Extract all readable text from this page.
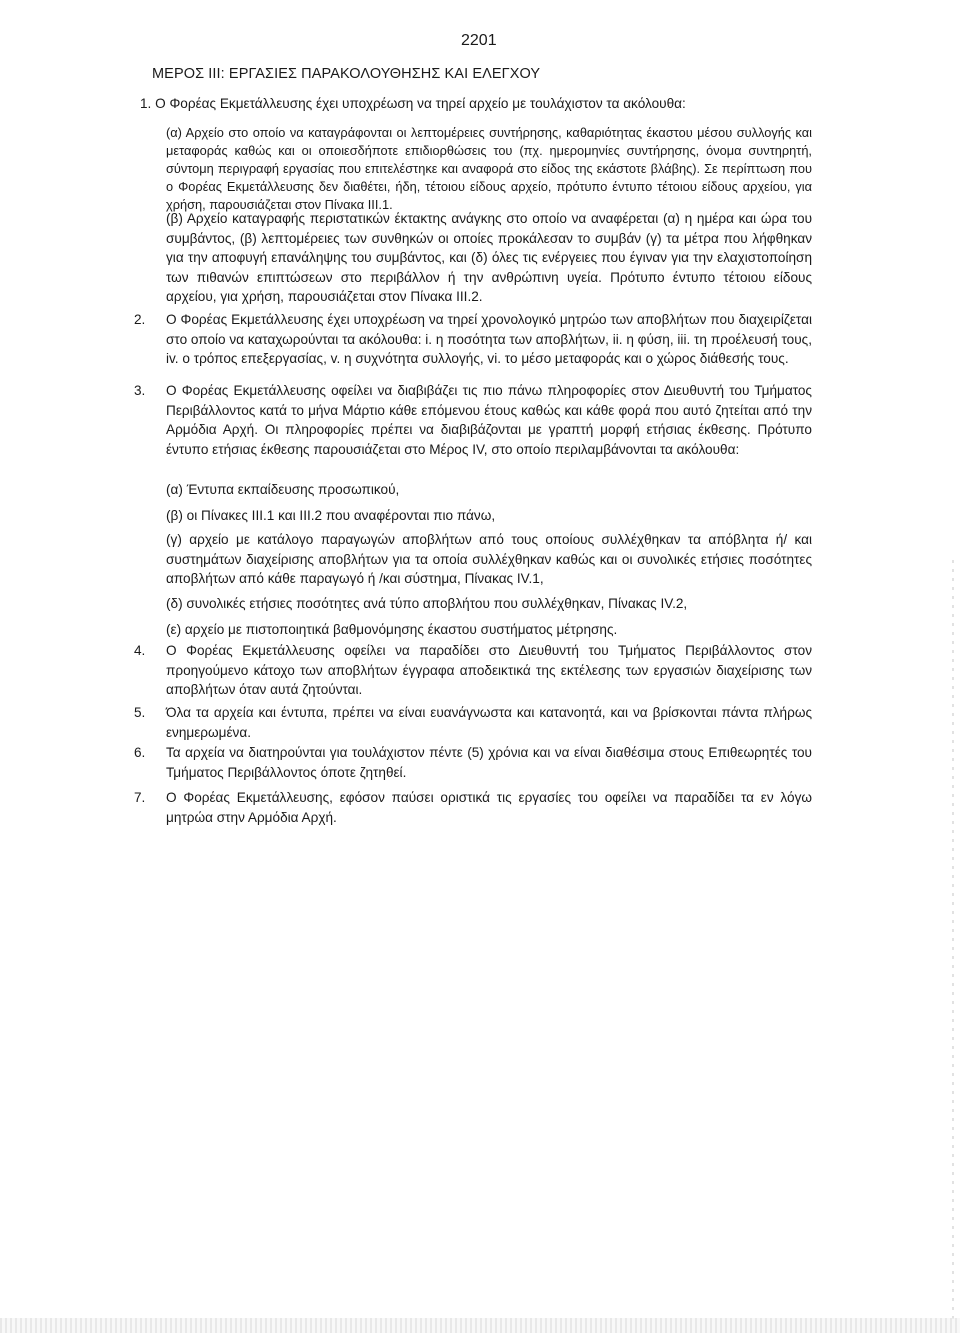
2201
ΜΕΡΟΣ III: ΕΡΓΑΣΙΕΣ ΠΑΡΑΚΟΛΟΥΘΗΣΗΣ ΚΑΙ ΕΛΕΓΧΟΥ
1. Ο Φορέας Εκμετάλλευσης έχει υποχρέωση να τηρεί αρχείο με τουλάχιστον τα ακόλουθα:
(α) Αρχείο στο οποίο να καταγράφονται οι λεπτομέρειες συντήρησης, καθαριότητας έκαστου μέσου συλλογής και μεταφοράς καθώς και οι οποιεσδήποτε επιδιορθώσεις του (πχ. ημερομηνίες συντήρησης, όνομα συντηρητή, σύντομη περιγραφή εργασίας που επιτελέστηκε και αναφορά στο είδος της εκάστοτε βλάβης). Σε περίπτωση που ο Φορέας Εκμετάλλευσης δεν διαθέτει, ήδη, τέτοιου είδους αρχείο, πρότυπο έντυπο τέτοιου είδους αρχείου, για χρήση, παρουσιάζεται στον Πίνακα III.1.
(β) Αρχείο καταγραφής περιστατικών έκτακτης ανάγκης στο οποίο να αναφέρεται (α) η ημέρα και ώρα του συμβάντος, (β) λεπτομέρειες των συνθηκών οι οποίες προκάλεσαν το συμβάν (γ) τα μέτρα που λήφθηκαν για την αποφυγή επανάληψης του συμβάντος, και (δ) όλες τις ενέργειες που έγιναν για την ελαχιστοποίηση των πιθανών επιπτώσεων στο περιβάλλον ή την ανθρώπινη υγεία. Πρότυπο έντυπο τέτοιου είδους αρχείου, για χρήση, παρουσιάζεται στον Πίνακα III.2.
2. Ο Φορέας Εκμετάλλευσης έχει υποχρέωση να τηρεί χρονολογικό μητρώο των αποβλήτων που διαχειρίζεται στο οποίο να καταχωρούνται τα ακόλουθα: i. η ποσότητα των αποβλήτων, ii. η φύση, iii. τη προέλευσή τους, iv. ο τρόπος επεξεργασίας, v. η συχνότητα συλλογής, vi. το μέσο μεταφοράς και ο χώρος διάθεσής τους.
3. Ο Φορέας Εκμετάλλευσης οφείλει να διαβιβάζει τις πιο πάνω πληροφορίες στον Διευθυντή του Τμήματος Περιβάλλοντος κατά το μήνα Μάρτιο κάθε επόμενου έτους καθώς και κάθε φορά που αυτό ζητείται από την Αρμόδια Αρχή. Οι πληροφορίες πρέπει να διαβιβάζονται με γραπτή μορφή ετήσιας έκθεσης. Πρότυπο έντυπο ετήσιας έκθεσης παρουσιάζεται στο Μέρος IV, στο οποίο περιλαμβάνονται τα ακόλουθα:
(α) Έντυπα εκπαίδευσης προσωπικού,
(β) οι Πίνακες III.1 και III.2 που αναφέρονται πιο πάνω,
(γ) αρχείο με κατάλογο παραγωγών αποβλήτων από τους οποίους συλλέχθηκαν τα απόβλητα ή/ και συστημάτων διαχείρισης αποβλήτων για τα οποία συλλέχθηκαν καθώς και οι συνολικές ετήσιες ποσότητες αποβλήτων από κάθε παραγωγό ή /και σύστημα, Πίνακας IV.1,
(δ) συνολικές ετήσιες ποσότητες ανά τύπο αποβλήτου που συλλέχθηκαν, Πίνακας IV.2,
(ε) αρχείο με πιστοποιητικά βαθμονόμησης έκαστου συστήματος μέτρησης.
4. Ο Φορέας Εκμετάλλευσης οφείλει να παραδίδει στο Διευθυντή του Τμήματος Περιβάλλοντος στον προηγούμενο κάτοχο των αποβλήτων έγγραφα αποδεικτικά της εκτέλεσης των εργασιών διαχείρισης των αποβλήτων όταν αυτά ζητούνται.
5. Όλα τα αρχεία και έντυπα, πρέπει να είναι ευανάγνωστα και κατανοητά, και να βρίσκονται πάντα πλήρως ενημερωμένα.
6. Τα αρχεία να διατηρούνται για τουλάχιστον πέντε (5) χρόνια και να είναι διαθέσιμα στους Επιθεωρητές του Τμήματος Περιβάλλοντος όποτε ζητηθεί.
7. Ο Φορέας Εκμετάλλευσης, εφόσον παύσει οριστικά τις εργασίες του οφείλει να παραδίδει τα εν λόγω μητρώα στην Αρμόδια Αρχή.
